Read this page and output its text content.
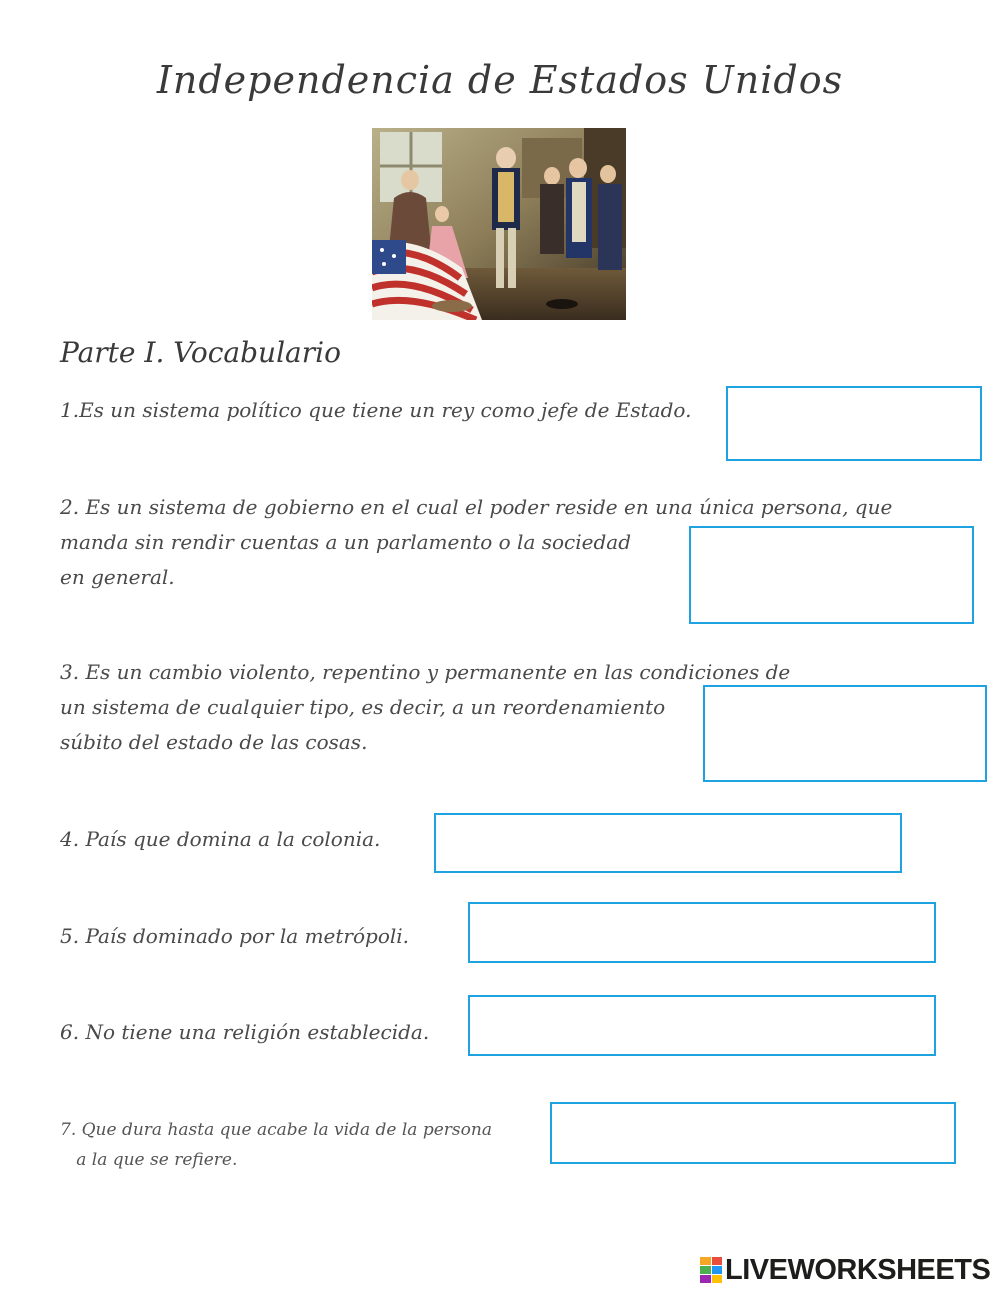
Independencia de Estados Unidos
Parte I. Vocabulario
1.Es un sistema político que tiene un rey como jefe de Estado.
2. Es un sistema de gobierno en el cual el poder reside en una única persona, que
manda sin rendir cuentas a un parlamento o la sociedad
en general.
3. Es un cambio violento, repentino y permanente en las condiciones de
un sistema de cualquier tipo, es decir, a un reordenamiento
súbito del estado de las cosas.
4. País que domina a la colonia.
5. País dominado por la metrópoli.
6. No tiene una religión establecida.
7. Que dura hasta que acabe la vida de la persona
a la que se refiere.
LIVEWORKSHEETS
